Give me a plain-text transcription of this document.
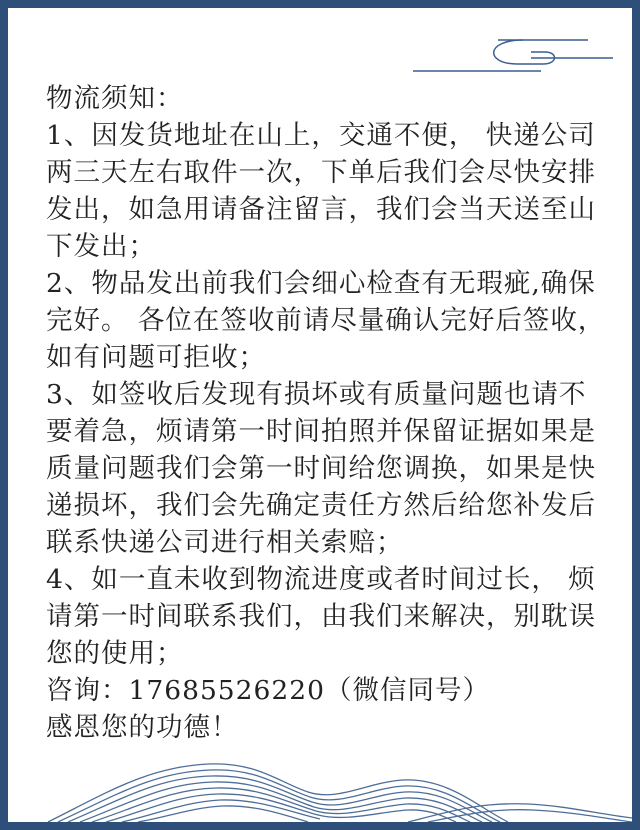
物流须知：
1、因发货地址在山上，交通不便， 快递公司
两三天左右取件一次，下单后我们会尽快安排
发出，如急用请备注留言，我们会当天送至山
下发出；
2、物品发出前我们会细心检查有无瑕疵,确保
完好。 各位在签收前请尽量确认完好后签收，
如有问题可拒收；
3、如签收后发现有损坏或有质量问题也请不
要着急，烦请第一时间拍照并保留证据如果是
质量问题我们会第一时间给您调换，如果是快
递损坏，我们会先确定责任方然后给您补发后
联系快递公司进行相关索赔；
4、如一直未收到物流进度或者时间过长， 烦
请第一时间联系我们，由我们来解决，别耽误
您的使用；
咨询：17685526220（微信同号）
感恩您的功德！
